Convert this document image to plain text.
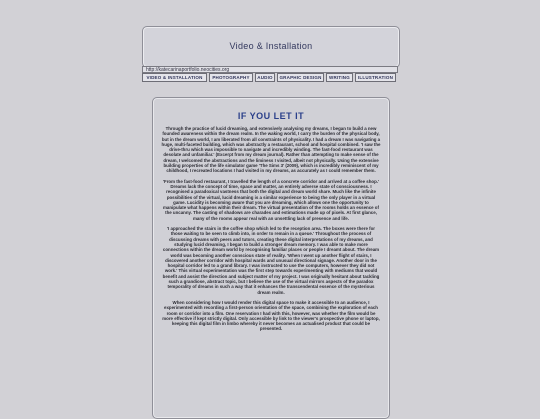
Video & Installation
http://katecarinaportfolio.neocities.org
VIDEO & INSTALLATION	PHOTOGRAPHY	AUDIO	GRAPHIC DESIGN	WRITING	ILLUSTRATION
IF YOU LET IT

Through the practice of lucid dreaming, and extensively analysing my dreams, I began to build a new founded awareness within the dream realm. In the waking world, I carry the burden of the physical body, but in the dream world, I am liberated from all constraints of physicality. I had a dream I was navigating a huge, multi-faceted building, which was abstractly a restaurant, school and hospital combined. 'I saw the drive-thru which was impossible to navigate and incredibly winding. The fast-food restaurant was desolate and unfamiliar.' (Excerpt from my dream journal). Rather than attempting to make sense of the dream, I welcomed the abstractions and the liminess I visited, albeit not physically. Using the extensive building properties of the life simulator game 'The Sims 3' (2009), which is incredibly reminiscent of my childhood, I recreated locations I had visited in my dreams, as accurately as I could remember them.

'From the fast-food restaurant, I travelled the length of a concrete corridor and arrived at a coffee shop.' Dreams lack the concept of time, space and matter, an entirely adverse state of consciousness. I recognised a paradoxical vastness that both the digital and dream world share. Much like the infinite possibilities of the virtual, lucid dreaming is a similar experience to being the only player in a virtual game. Lucidity is becoming aware that you are dreaming, which allows one the opportunity to manipulate what happens within their dream. The virtual presentation of the rooms holds an essence of the uncanny. The casting of shadows are charades and estimations made up of pixels. At first glance, many of the rooms appear real with an unsettling lack of presence and life.

'I approached the stairs in the coffee shop which led to the reception area. The boxes were there for those waiting to be seen to climb into, in order to remain in a queue.' Throughout the process of discussing dreams with peers and tutors, creating these digital interpretations of my dreams, and studying lucid dreaming, I began to build a stronger dream memory. I was able to make more connections within the dream world by recognising familiar places or people I dreamt about. The dream world was becoming another conscious state of reality. 'When I went up another flight of stairs, I discovered another corridor with hospital wards and unusual directional signage. Another door in the hospital corridor led to a grand library. I was instructed to use the computers, however they did not work.' This virtual experimentation was the first step towards experimenting with mediums that would benefit and assist the direction and subject matter of my project. I was originally hesitant about tackling such a grandiose, abstract topic, but I believe the use of the virtual mirrors aspects of the paradox temporality of dreams in such a way that it enhances the transcendental essence of the mysterious dream realm.

When considering how I would render this digital space to make it accessible to an audience, I experimented with recording a first-person orientation of the space, combining the exploration of each room or corridor into a film. One reservation I had with this, however, was whether the film would be more effective if kept strictly digital. Only accessible by link to the viewer's prospective phone or laptop, keeping this digital film in limbo whereby it never becomes an actualised product that could be presented.
